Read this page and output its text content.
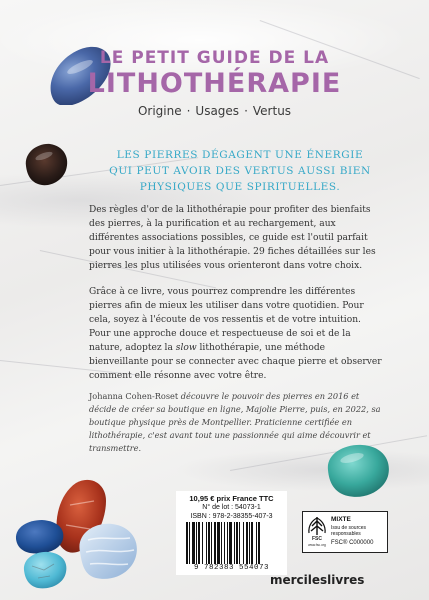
LE PETIT GUIDE DE LA
LITHOTHÉRAPIE
Origine · Usages · Vertus
LES PIERRES DÉGAGENT UNE ÉNERGIE
QUI PEUT AVOIR DES VERTUS AUSSI BIEN
PHYSIQUES QUE SPIRITUELLES.
Des règles d'or de la lithothérapie pour profiter des bienfaits des pierres, à la purification et au rechargement, aux différentes associations possibles, ce guide est l'outil parfait pour vous initier à la lithothérapie. 29 fiches détaillées sur les pierres les plus utilisées vous orienteront dans votre choix.
Grâce à ce livre, vous pourrez comprendre les différentes pierres afin de mieux les utiliser dans votre quotidien. Pour cela, soyez à l'écoute de vos ressentis et de votre intuition. Pour une approche douce et respectueuse de soi et de la nature, adoptez la slow lithothérapie, une méthode bienveillante pour se connecter avec chaque pierre et observer comment elle résonne avec votre être.
Johanna Cohen-Roset découvre le pouvoir des pierres en 2016 et décide de créer sa boutique en ligne, Majolie Pierre, puis, en 2022, sa boutique physique près de Montpellier. Praticienne certifiée en lithothérapie, c'est avant tout une passionnée qui aime découvrir et transmettre.
10,95 € prix France TTC
N° de lot : 54073-1
ISBN : 978-2-38355-407-3
9 782383 554073
FSC
www.fsc.org
MIXTE
Issu de sources
responsables
FSC® C000000
mercileslivres
